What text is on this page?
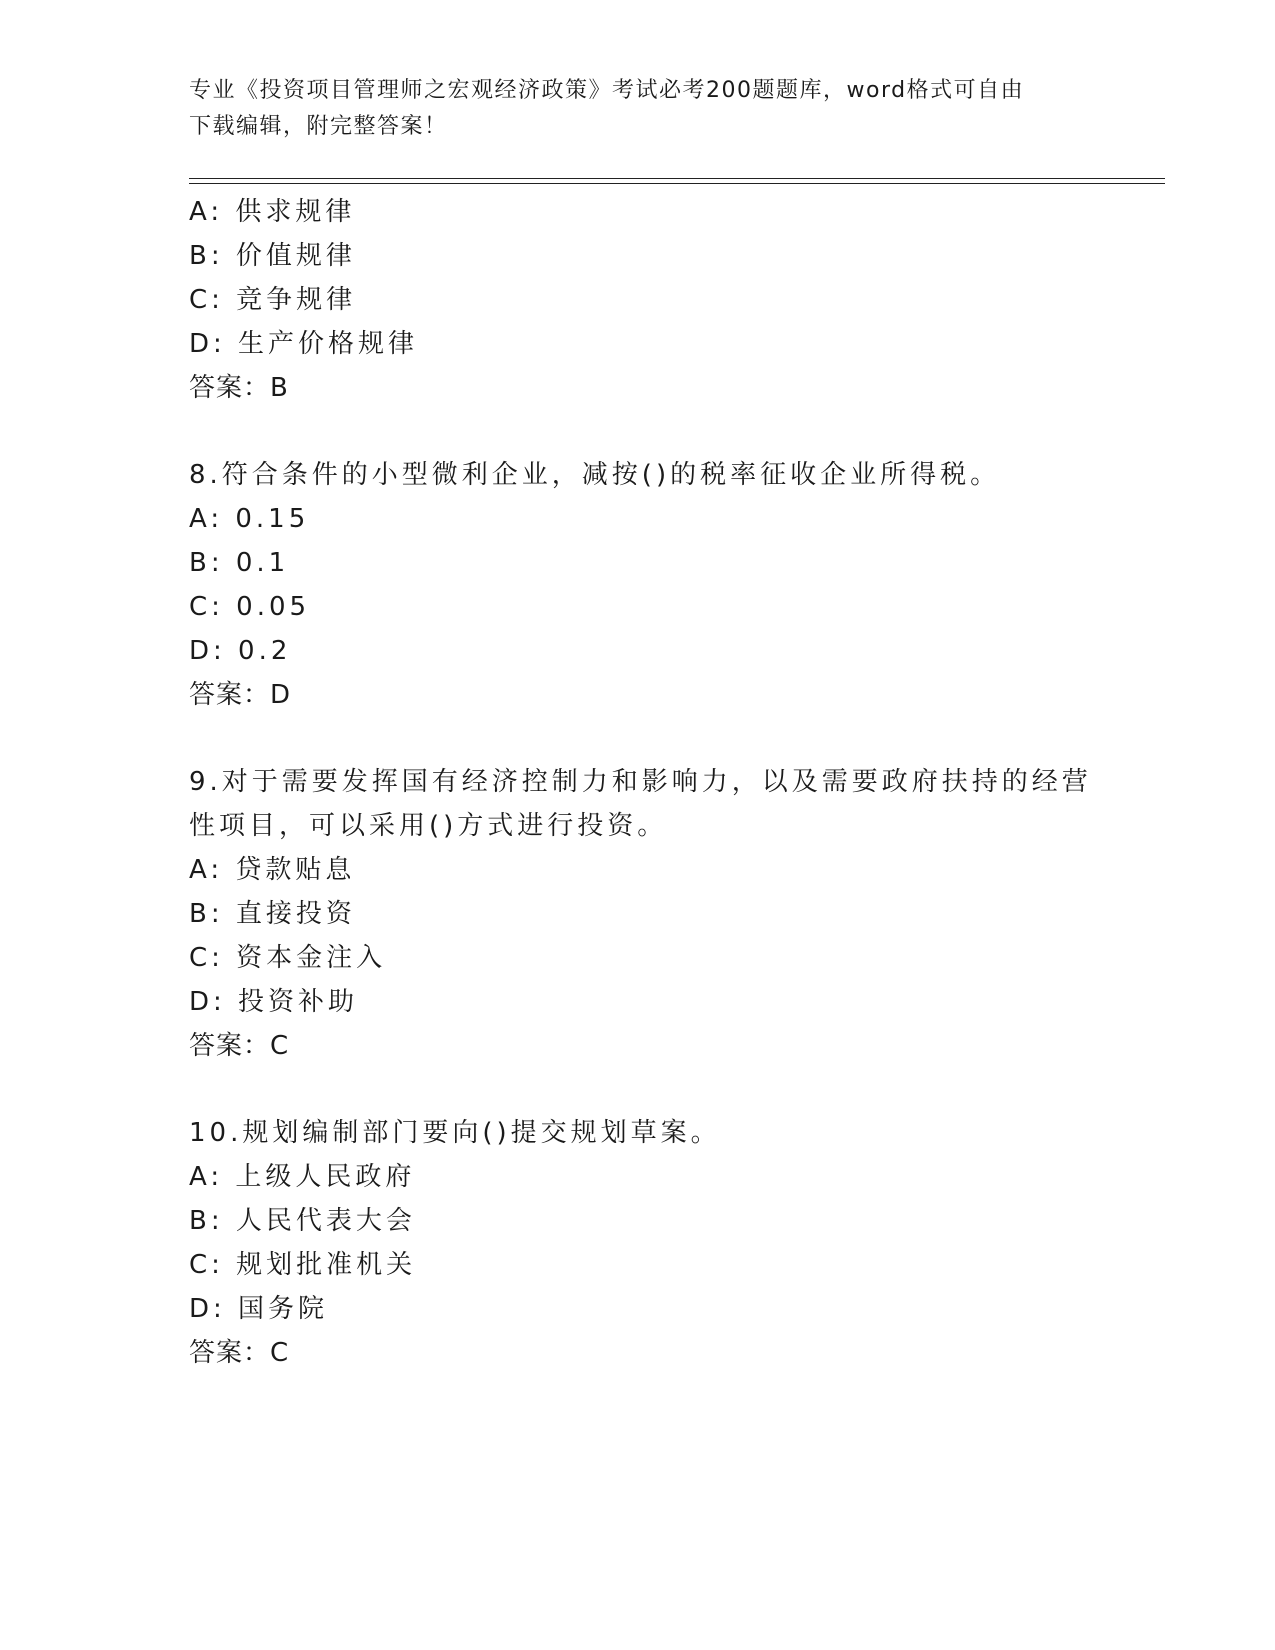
专业《投资项目管理师之宏观经济政策》考试必考200题题库，word格式可自由
下载编辑，附完整答案！
A: 供求规律
B: 价值规律
C: 竞争规律
D: 生产价格规律
答案：B
8.符合条件的小型微利企业，减按()的税率征收企业所得税。
A: 0.15
B: 0.1
C: 0.05
D: 0.2
答案：D
9.对于需要发挥国有经济控制力和影响力，以及需要政府扶持的经营
性项目，可以采用()方式进行投资。
A: 贷款贴息
B: 直接投资
C: 资本金注入
D: 投资补助
答案：C
10.规划编制部门要向()提交规划草案。
A: 上级人民政府
B: 人民代表大会
C: 规划批准机关
D: 国务院
答案：C
